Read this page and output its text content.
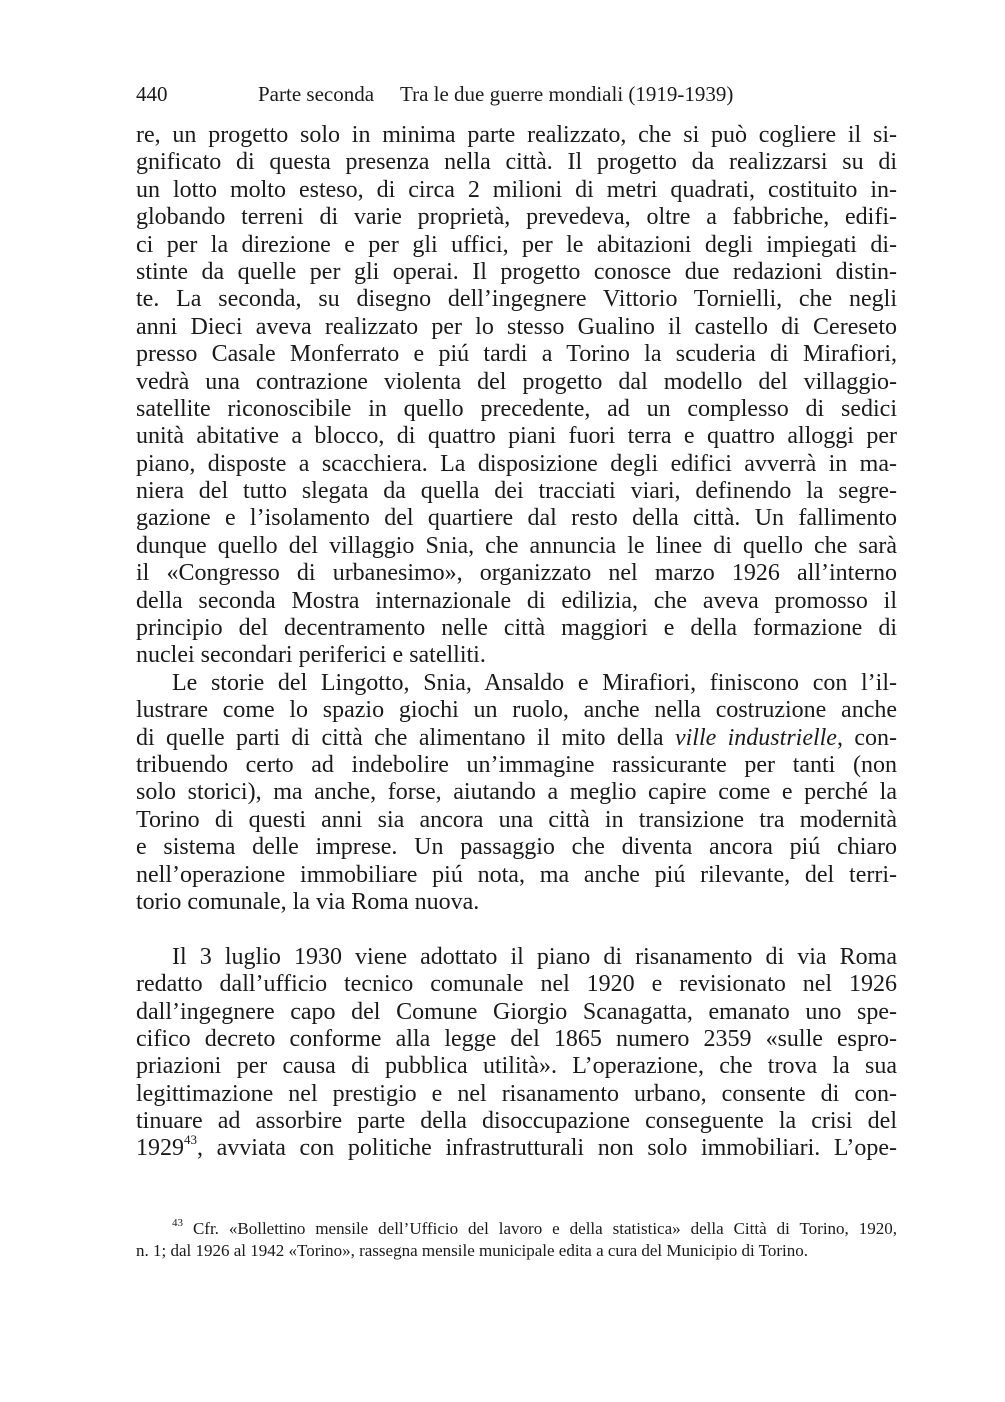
440	Parte seconda Tra le due guerre mondiali (1919-1939)
re, un progetto solo in minima parte realizzato, che si può cogliere il si-
gnificato di questa presenza nella città. Il progetto da realizzarsi su di
un lotto molto esteso, di circa 2 milioni di metri quadrati, costituito in-
globando terreni di varie proprietà, prevedeva, oltre a fabbriche, edifi-
ci per la direzione e per gli uffici, per le abitazioni degli impiegati di-
stinte da quelle per gli operai. Il progetto conosce due redazioni distin-
te. La seconda, su disegno dell’ingegnere Vittorio Tornielli, che negli
anni Dieci aveva realizzato per lo stesso Gualino il castello di Cereseto
presso Casale Monferrato e piú tardi a Torino la scuderia di Mirafiori,
vedrà una contrazione violenta del progetto dal modello del villaggio-
satellite riconoscibile in quello precedente, ad un complesso di sedici
unità abitative a blocco, di quattro piani fuori terra e quattro alloggi per
piano, disposte a scacchiera. La disposizione degli edifici avverrà in ma-
niera del tutto slegata da quella dei tracciati viari, definendo la segre-
gazione e l’isolamento del quartiere dal resto della città. Un fallimento
dunque quello del villaggio Snia, che annuncia le linee di quello che sarà
il «Congresso di urbanesimo», organizzato nel marzo 1926 all’interno
della seconda Mostra internazionale di edilizia, che aveva promosso il
principio del decentramento nelle città maggiori e della formazione di
nuclei secondari periferici e satelliti.
Le storie del Lingotto, Snia, Ansaldo e Mirafiori, finiscono con l’il-
lustrare come lo spazio giochi un ruolo, anche nella costruzione anche
di quelle parti di città che alimentano il mito della ville industrielle, con-
tribuendo certo ad indebolire un’immagine rassicurante per tanti (non
solo storici), ma anche, forse, aiutando a meglio capire come e perché la
Torino di questi anni sia ancora una città in transizione tra modernità
e sistema delle imprese. Un passaggio che diventa ancora piú chiaro
nell’operazione immobiliare piú nota, ma anche piú rilevante, del terri-
torio comunale, la via Roma nuova.
Il 3 luglio 1930 viene adottato il piano di risanamento di via Roma
redatto dall’ufficio tecnico comunale nel 1920 e revisionato nel 1926
dall’ingegnere capo del Comune Giorgio Scanagatta, emanato uno spe-
cifico decreto conforme alla legge del 1865 numero 2359 «sulle espro-
priazioni per causa di pubblica utilità». L’operazione, che trova la sua
legittimazione nel prestigio e nel risanamento urbano, consente di con-
tinuare ad assorbire parte della disoccupazione conseguente la crisi del
1929$^{43}$, avviata con politiche infrastrutturali non solo immobiliari. L’ope-
$^{43}$ Cfr. «Bollettino mensile dell’Ufficio del lavoro e della statistica» della Città di Torino, 1920,
n. 1; dal 1926 al 1942 «Torino», rassegna mensile municipale edita a cura del Municipio di Torino.
